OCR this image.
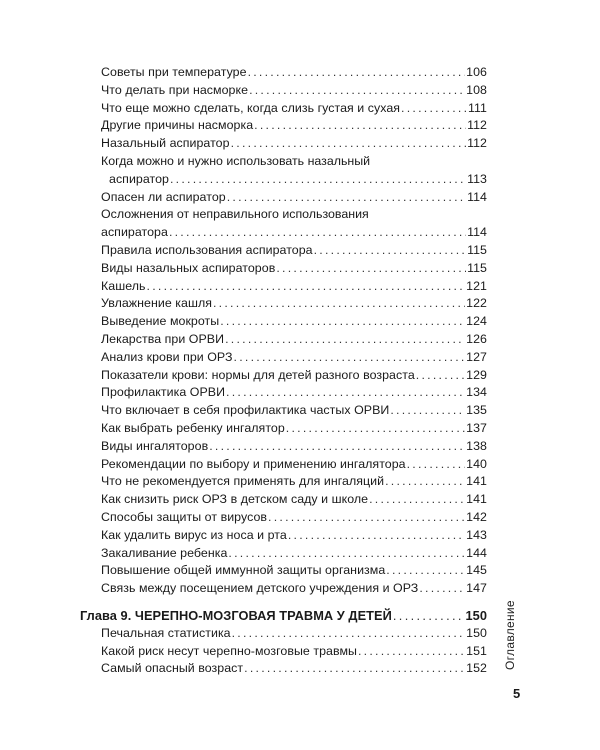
Советы при температуре . . .	106
Что делать при насморке . . .	108
Что еще можно сделать, когда слизь густая и сухая . . .	111
Другие причины насморка . . .	112
Назальный аспиратор . . .	112
Когда можно и нужно использовать назальный
аспиратор . . .	113
Опасен ли аспиратор . . .	114
Осложнения от неправильного использования
аспиратора . . .	114
Правила использования аспиратора . . .	115
Виды назальных аспираторов . . .	115
Кашель . . .	121
Увлажнение кашля . . .	122
Выведение мокроты . . .	124
Лекарства при ОРВИ . . .	126
Анализ крови при ОРЗ . . .	127
Показатели крови: нормы для детей разного возраста . . .	129
Профилактика ОРВИ . . .	134
Что включает в себя профилактика частых ОРВИ . . .	135
Как выбрать ребенку ингалятор . . .	137
Виды ингаляторов . . .	138
Рекомендации по выбору и применению ингалятора . . .	140
Что не рекомендуется применять для ингаляций . . .	141
Как снизить риск ОРЗ в детском саду и школе . . .	141
Способы защиты от вирусов . . .	142
Как удалить вирус из носа и рта . . .	143
Закаливание ребенка . . .	144
Повышение общей иммунной защиты организма . . .	145
Связь между посещением детского учреждения и ОРЗ . . .	147
Глава 9. ЧЕРЕПНО-МОЗГОВАЯ ТРАВМА У ДЕТЕЙ . . .	150
Печальная статистика . . .	150
Какой риск несут черепно-мозговые травмы . . .	151
Самый опасный возраст . . .	152 Оглавление
5
